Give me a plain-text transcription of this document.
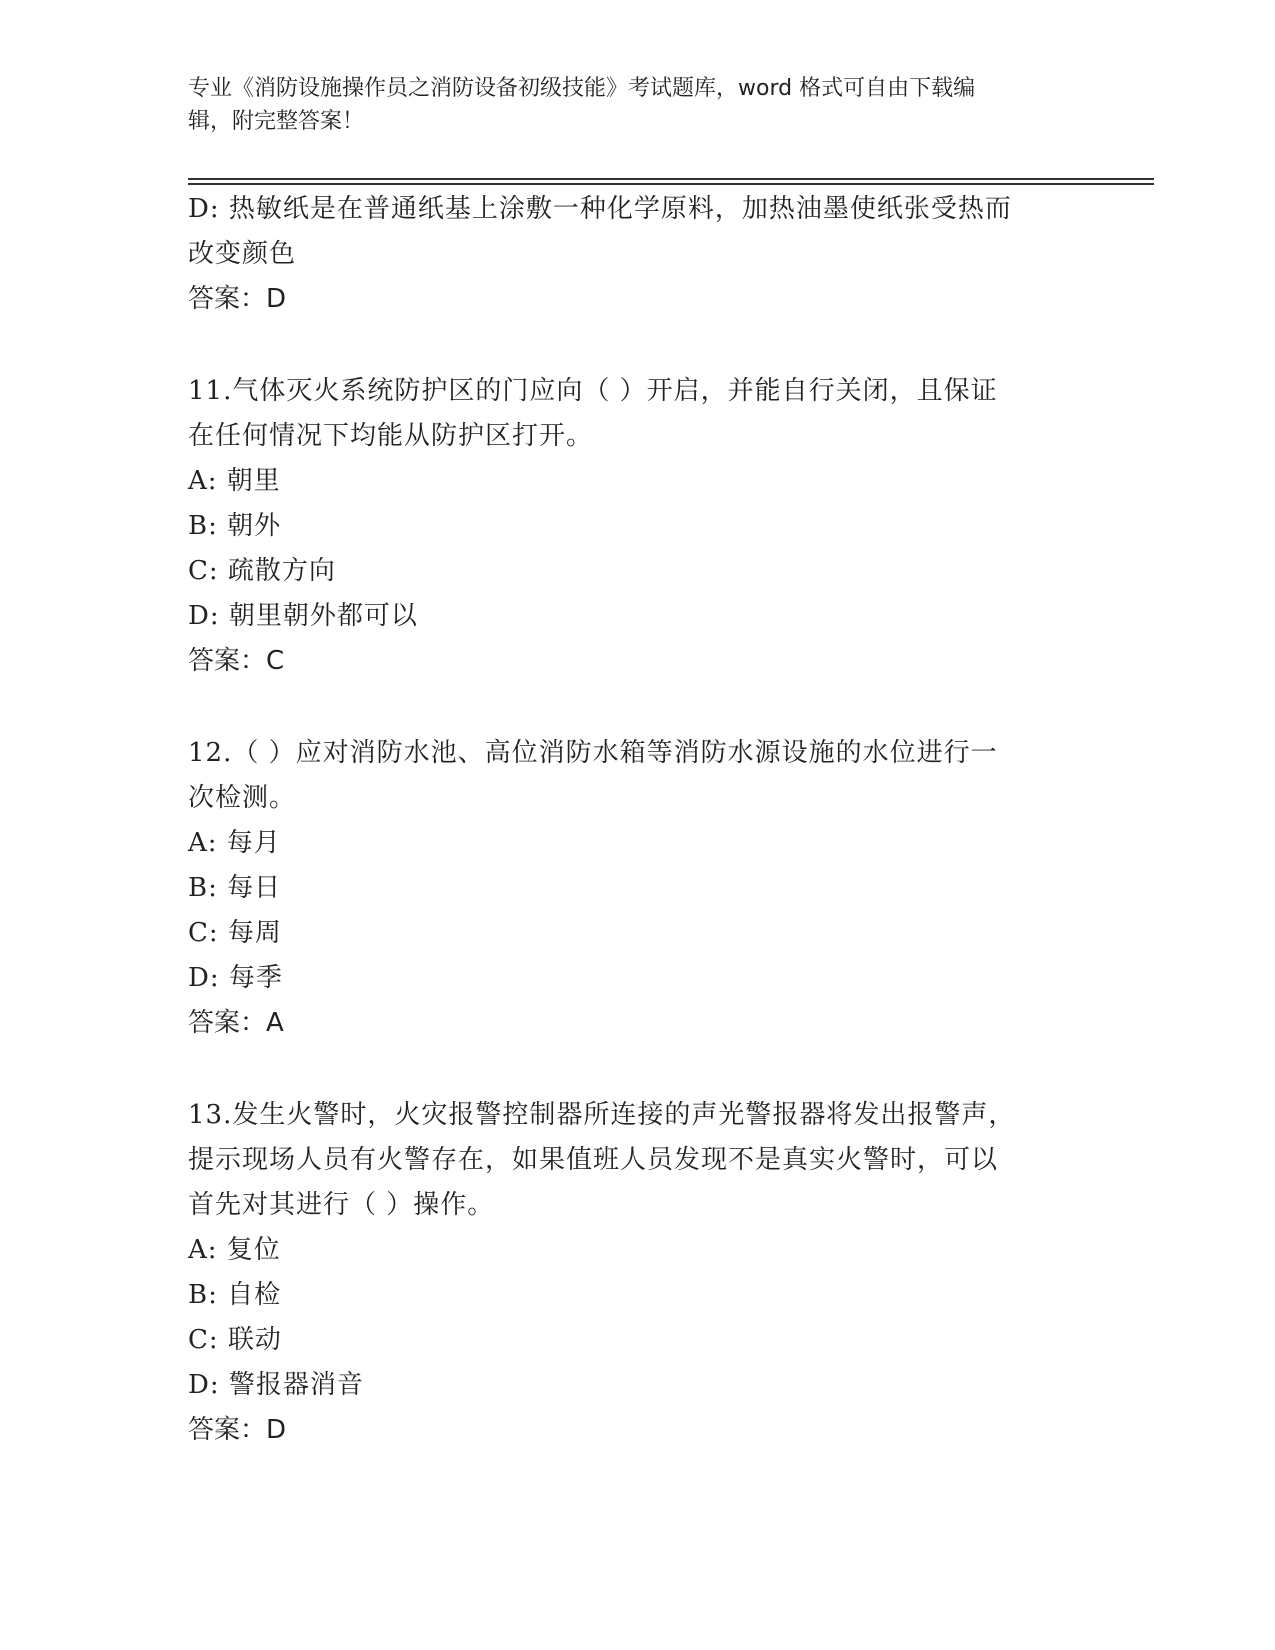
专业《消防设施操作员之消防设备初级技能》考试题库，word 格式可自由下载编
辑，附完整答案！
D: 热敏纸是在普通纸基上涂敷一种化学原料，加热油墨使纸张受热而
改变颜色
答案：D
11.气体灭火系统防护区的门应向（ ）开启，并能自行关闭，且保证
在任何情况下均能从防护区打开。
A: 朝里
B: 朝外
C: 疏散方向
D: 朝里朝外都可以
答案：C
12.（ ）应对消防水池、高位消防水箱等消防水源设施的水位进行一
次检测。
A: 每月
B: 每日
C: 每周
D: 每季
答案：A
13.发生火警时，火灾报警控制器所连接的声光警报器将发出报警声，
提示现场人员有火警存在，如果值班人员发现不是真实火警时，可以
首先对其进行（ ）操作。
A: 复位
B: 自检
C: 联动
D: 警报器消音
答案：D
